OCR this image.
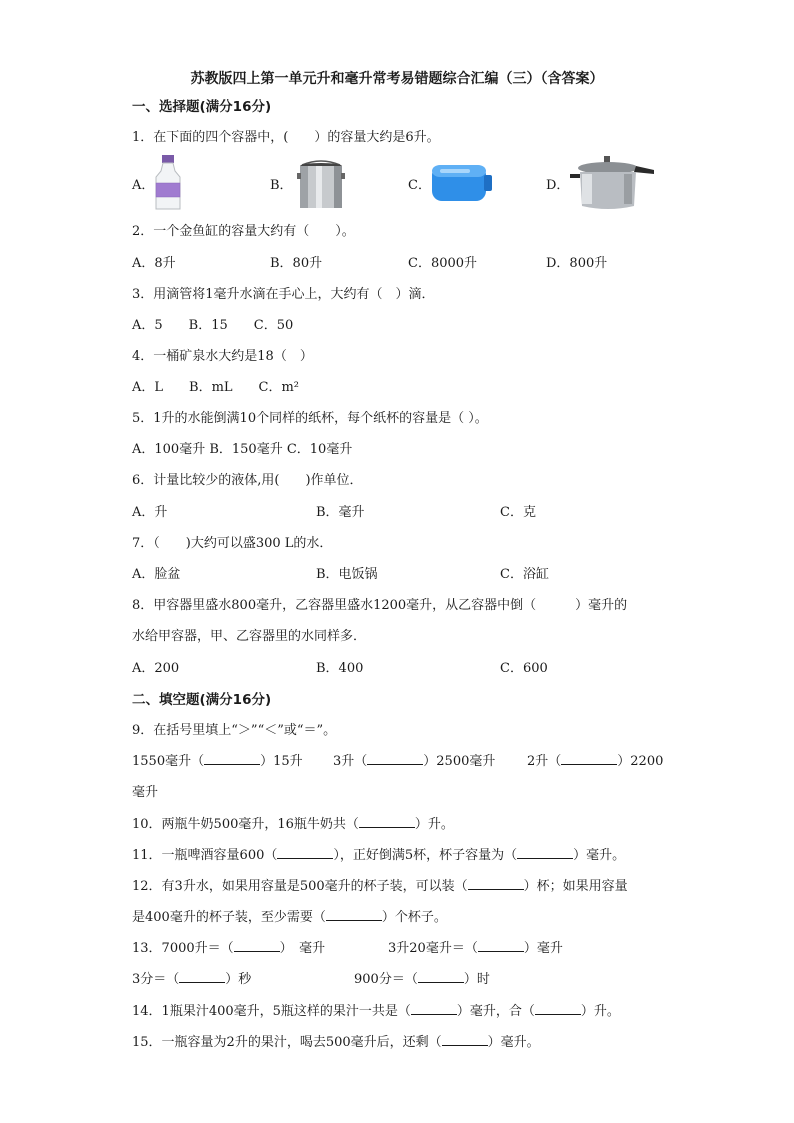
苏教版四上第一单元升和毫升常考易错题综合汇编（三）（含答案）
一、选择题(满分16分)
1．在下面的四个容器中，(　　）的容量大约是6升。
A．	B．	C．	D．
2．一个金鱼缸的容量大约有（　　）。
A．8升	B．80升	C．8000升	D．800升
3．用滴管将1毫升水滴在手心上，大约有（　）滴．
A．5　　B．15　　C．50
4．一桶矿泉水大约是18（　）
A．L　　B．mL　　C．m²
5．1升的水能倒满10个同样的纸杯，每个纸杯的容量是（ ）。
A．100毫升 B．150毫升 C．10毫升
6．计量比较少的液体,用(　　)作单位．
A．升	B．毫升	C．克
7．（　　)大约可以盛300 L的水．
A．脸盆	B．电饭锅	C．浴缸
8．甲容器里盛水800毫升，乙容器里盛水1200毫升，从乙容器中倒（　　　）毫升的
水给甲容器，甲、乙容器里的水同样多．
A．200	B．400	C．600
二、填空题(满分16分)
9．在括号里填上“＞”“＜”或“＝”。
1550毫升（	）15升 3升（	）2500毫升 2升（	）2200
毫升
10．两瓶牛奶500毫升，16瓶牛奶共（	）升。
11．一瓶啤酒容量600（	），正好倒满5杯，杯子容量为（	）毫升。
12．有3升水，如果用容量是500毫升的杯子装，可以装（	）杯；如果用容量
是400毫升的杯子装，至少需要（	）个杯子。
13．7000升＝（	）　毫升	3升20毫升＝（	）毫升
3分＝（	）秒	900分＝（	）时
14．1瓶果汁400毫升，5瓶这样的果汁一共是（	）毫升，合（	）升。
15．一瓶容量为2升的果汁，喝去500毫升后，还剩（	）毫升。
